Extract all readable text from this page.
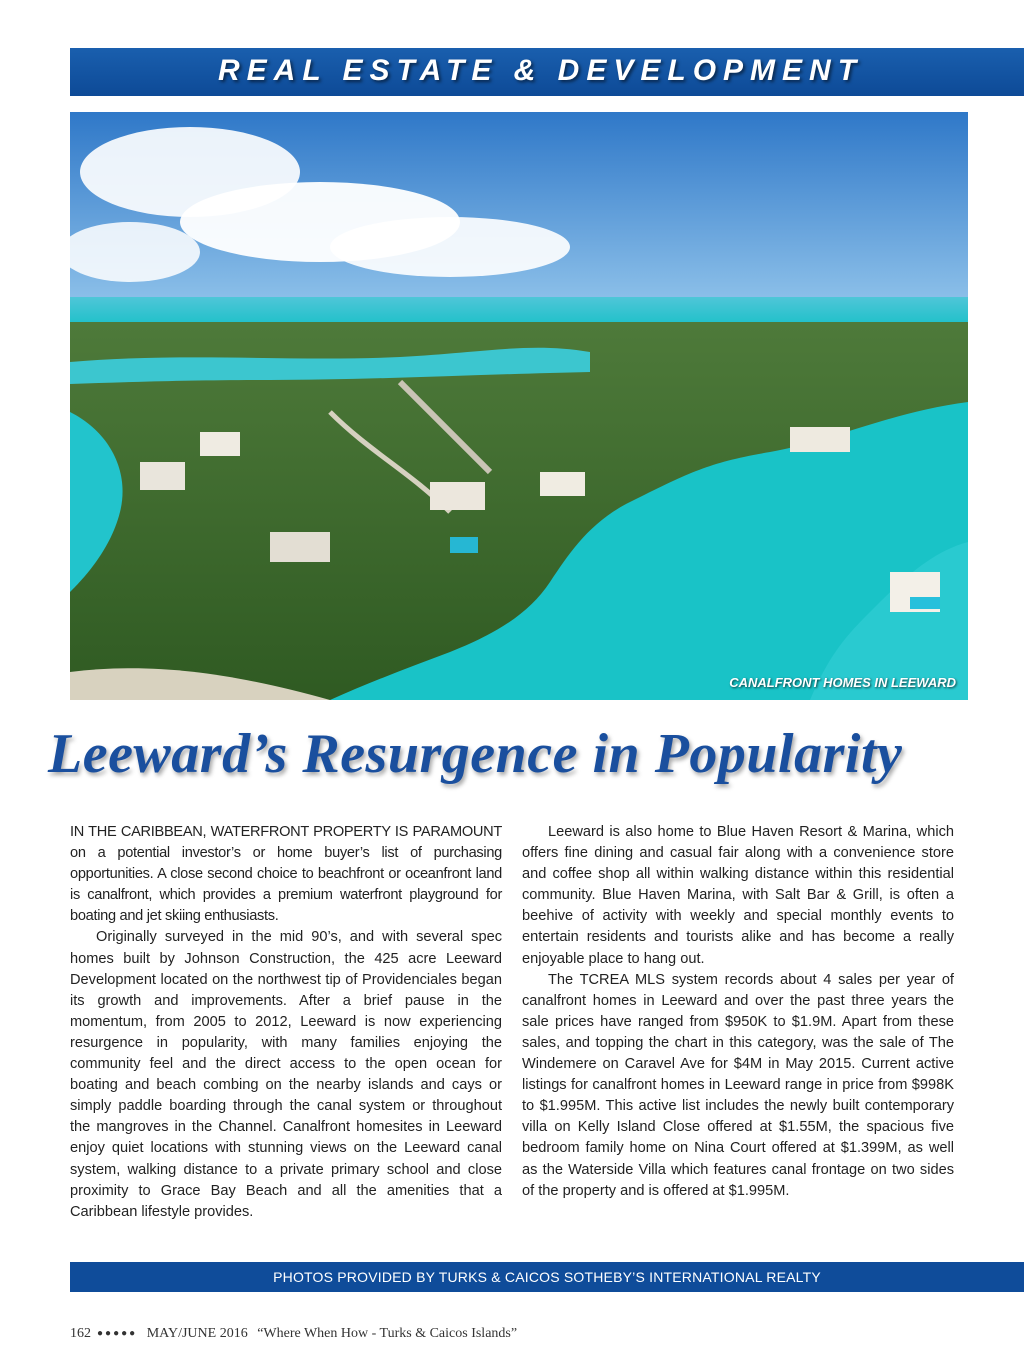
REAL ESTATE & DEVELOPMENT
CANALFRONT HOMES IN LEEWARD
Leeward’s Resurgence in Popularity

IN THE CARIBBEAN, WATERFRONT PROPERTY IS PARAMOUNT on a potential investor’s or home buyer’s list of purchasing opportunities. A close second choice to beachfront or oceanfront land is canalfront, which provides a premium waterfront playground for boating and jet skiing enthusiasts.

Originally surveyed in the mid 90’s, and with several spec homes built by Johnson Construction, the 425 acre Leeward Development located on the northwest tip of Providenciales began its growth and improvements. After a brief pause in the momentum, from 2005 to 2012, Leeward is now experiencing resurgence in popularity, with many families enjoying the community feel and the direct access to the open ocean for boating and beach combing on the nearby islands and cays or simply paddle boarding through the canal system or throughout the mangroves in the Channel. Canalfront homesites in Leeward enjoy quiet locations with stunning views on the Leeward canal system, walking distance to a private primary school and close proximity to Grace Bay Beach and all the amenities that a Caribbean lifestyle provides.

Leeward is also home to Blue Haven Resort & Marina, which offers fine dining and casual fair along with a convenience store and coffee shop all within walking distance within this residential community. Blue Haven Marina, with Salt Bar & Grill, is often a beehive of activity with weekly and special monthly events to entertain residents and tourists alike and has become a really enjoyable place to hang out.

The TCREA MLS system records about 4 sales per year of canalfront homes in Leeward and over the past three years the sale prices have ranged from $950K to $1.9M. Apart from these sales, and topping the chart in this category, was the sale of The Windemere on Caravel Ave for $4M in May 2015. Current active listings for canalfront homes in Leeward range in price from $998K to $1.995M. This active list includes the newly built contemporary villa on Kelly Island Close offered at $1.55M, the spacious five bedroom family home on Nina Court offered at $1.399M, as well as the Waterside Villa which features canal frontage on two sides of the property and is offered at $1.995M.

PHOTOS PROVIDED BY TURKS & CAICOS SOTHEBY’S INTERNATIONAL REALTY
162 ●●●●● MAY/JUNE 2016 “Where When How - Turks & Caicos Islands”
